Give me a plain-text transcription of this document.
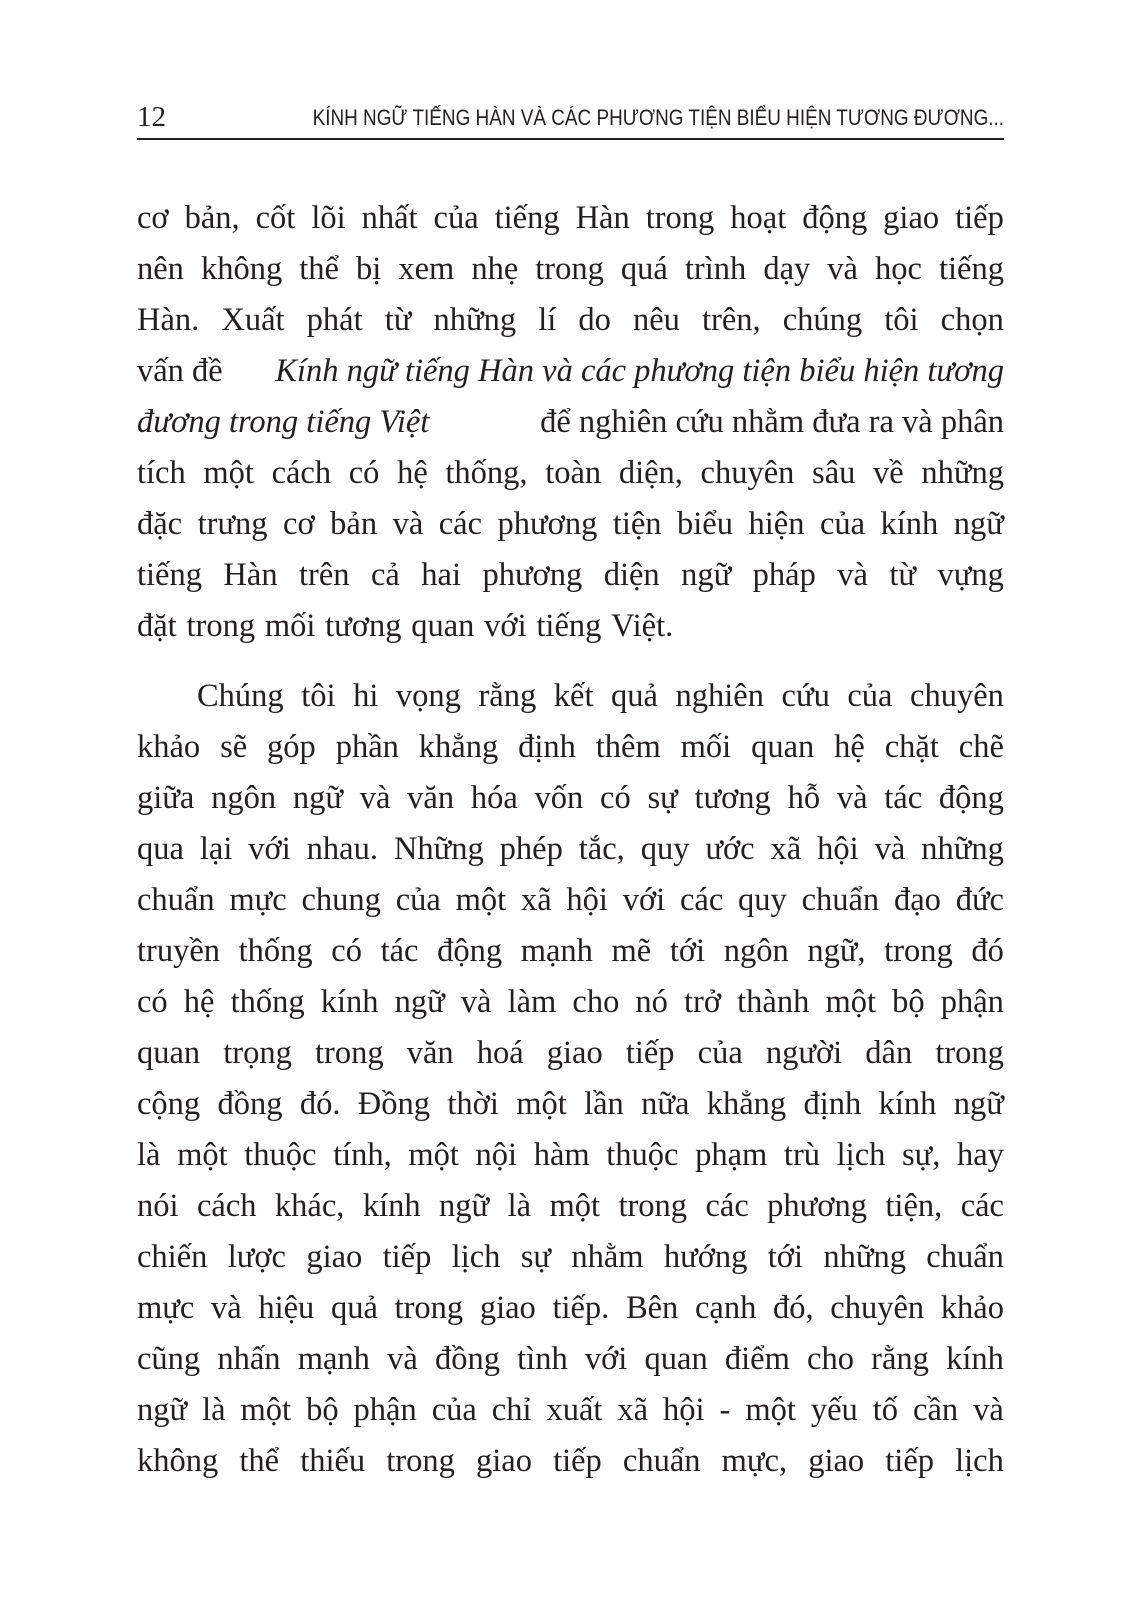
12	KÍNH NGỮ TIẾNG HÀN VÀ CÁC PHƯƠNG TIỆN BIỂU HIỆN TƯƠNG ĐƯƠNG...
cơ bản, cốt lõi nhất của tiếng Hàn trong hoạt động giao tiếp
nên không thể bị xem nhẹ trong quá trình dạy và học tiếng
Hàn. Xuất phát từ những lí do nêu trên, chúng tôi chọn
vấn đề Kính ngữ tiếng Hàn và các phương tiện biểu hiện tương
đương trong tiếng Việt	để nghiên cứu nhằm đưa ra và phân
tích một cách có hệ thống, toàn diện, chuyên sâu về những
đặc trưng cơ bản và các phương tiện biểu hiện của kính ngữ
tiếng Hàn trên cả hai phương diện ngữ pháp và từ vựng
đặt trong mối tương quan với tiếng Việt.
Chúng tôi hi vọng rằng kết quả nghiên cứu của chuyên
khảo sẽ góp phần khẳng định thêm mối quan hệ chặt chẽ
giữa ngôn ngữ và văn hóa vốn có sự tương hỗ và tác động
qua lại với nhau. Những phép tắc, quy ước xã hội và những
chuẩn mực chung của một xã hội với các quy chuẩn đạo đức
truyền thống có tác động mạnh mẽ tới ngôn ngữ, trong đó
có hệ thống kính ngữ và làm cho nó trở thành một bộ phận
quan trọng trong văn hoá giao tiếp của người dân trong
cộng đồng đó. Đồng thời một lần nữa khẳng định kính ngữ
là một thuộc tính, một nội hàm thuộc phạm trù lịch sự, hay
nói cách khác, kính ngữ là một trong các phương tiện, các
chiến lược giao tiếp lịch sự nhằm hướng tới những chuẩn
mực và hiệu quả trong giao tiếp. Bên cạnh đó, chuyên khảo
cũng nhấn mạnh và đồng tình với quan điểm cho rằng kính
ngữ là một bộ phận của chỉ xuất xã hội - một yếu tố cần và
không thể thiếu trong giao tiếp chuẩn mực, giao tiếp lịch
